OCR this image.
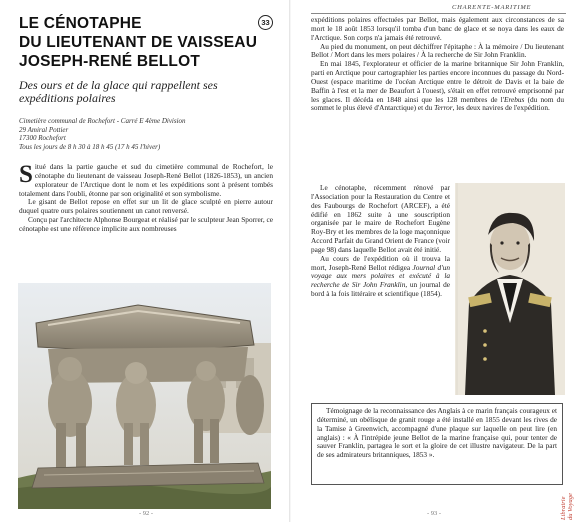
LE CÉNOTAPHE
DU LIEUTENANT DE VAISSEAU
JOSEPH-RENÉ BELLOT
33
Des ours et de la glace qui rappellent ses expéditions polaires
Cimetière communal de Rochefort - Carré E 4ème Division
29 Amiral Pottier
17300 Rochefort
Tous les jours de 8 h 30 à 18 h 45 (17 h 45 l'hiver)

Situé dans la partie gauche et sud du cimetière communal de Rochefort, le cénotaphe du lieutenant de vaisseau Joseph-René Bellot (1826-1853), un ancien explorateur de l'Arctique dont le nom et les expéditions sont à présent tombés totalement dans l'oubli, étonne par son originalité et son symbolisme.

Le gisant de Bellot repose en effet sur un lit de glace sculpté en pierre autour duquel quatre ours polaires soutiennent un canot renversé.

Conçu par l'architecte Alphonse Bourgeat et réalisé par le sculpteur Jean Sporrer, ce cénotaphe est une référence implicite aux nombreuses

- 92 -
CHARENTE-MARITIME

expéditions polaires effectuées par Bellot, mais également aux circonstances de sa mort le 18 août 1853 lorsqu'il tomba d'un banc de glace et se noya dans les eaux de l'Arctique. Son corps n'a jamais été retrouvé.

Au pied du monument, on peut déchiffrer l'épitaphe : À la mémoire / Du lieutenant Bellot / Mort dans les mers polaires / À la recherche de Sir John Franklin.

En mai 1845, l'explorateur et officier de la marine britannique Sir John Franklin, parti en Arctique pour cartographier les parties encore inconnues du passage du Nord-Ouest (espace maritime de l'océan Arctique entre le détroit de Davis et la baie de Baffin à l'est et la mer de Beaufort à l'ouest), s'était en effet retrouvé emprisonné par les glaces. Il décéda en 1848 ainsi que les 128 membres de l'Erebus (du nom du sommet le plus élevé d'Antarctique) et du Terror, les deux navires de l'expédition.

Le cénotaphe, récemment rénové par l'Association pour la Restauration du Centre et des Faubourgs de Rochefort (ARCEF), a été édifié en 1862 suite à une souscription organisée par le maire de Rochefort Eugène Roy-Bry et les membres de la loge maçonnique Accord Parfait du Grand Orient de France (voir page 98) dans laquelle Bellot avait été initié.

Au cours de l'expédition où il trouva la mort, Joseph-René Bellot rédigea Journal d'un voyage aux mers polaires et exécuté à la recherche de Sir John Franklin, un journal de bord à la fois littéraire et scientifique (1854).

Témoignage de la reconnaissance des Anglais à ce marin français courageux et déterminé, un obélisque de granit rouge a été installé en 1855 devant les rives de la Tamise à Greenwich, accompagné d'une plaque sur laquelle on peut lire (en anglais) : « À l'intrépide jeune Bellot de la marine française qui, pour tenter de sauver Franklin, partagea le sort et la gloire de cet illustre navigateur. De la part de ses admirateurs britanniques, 1853 ».

- 93 -	Librairie du Voyage
